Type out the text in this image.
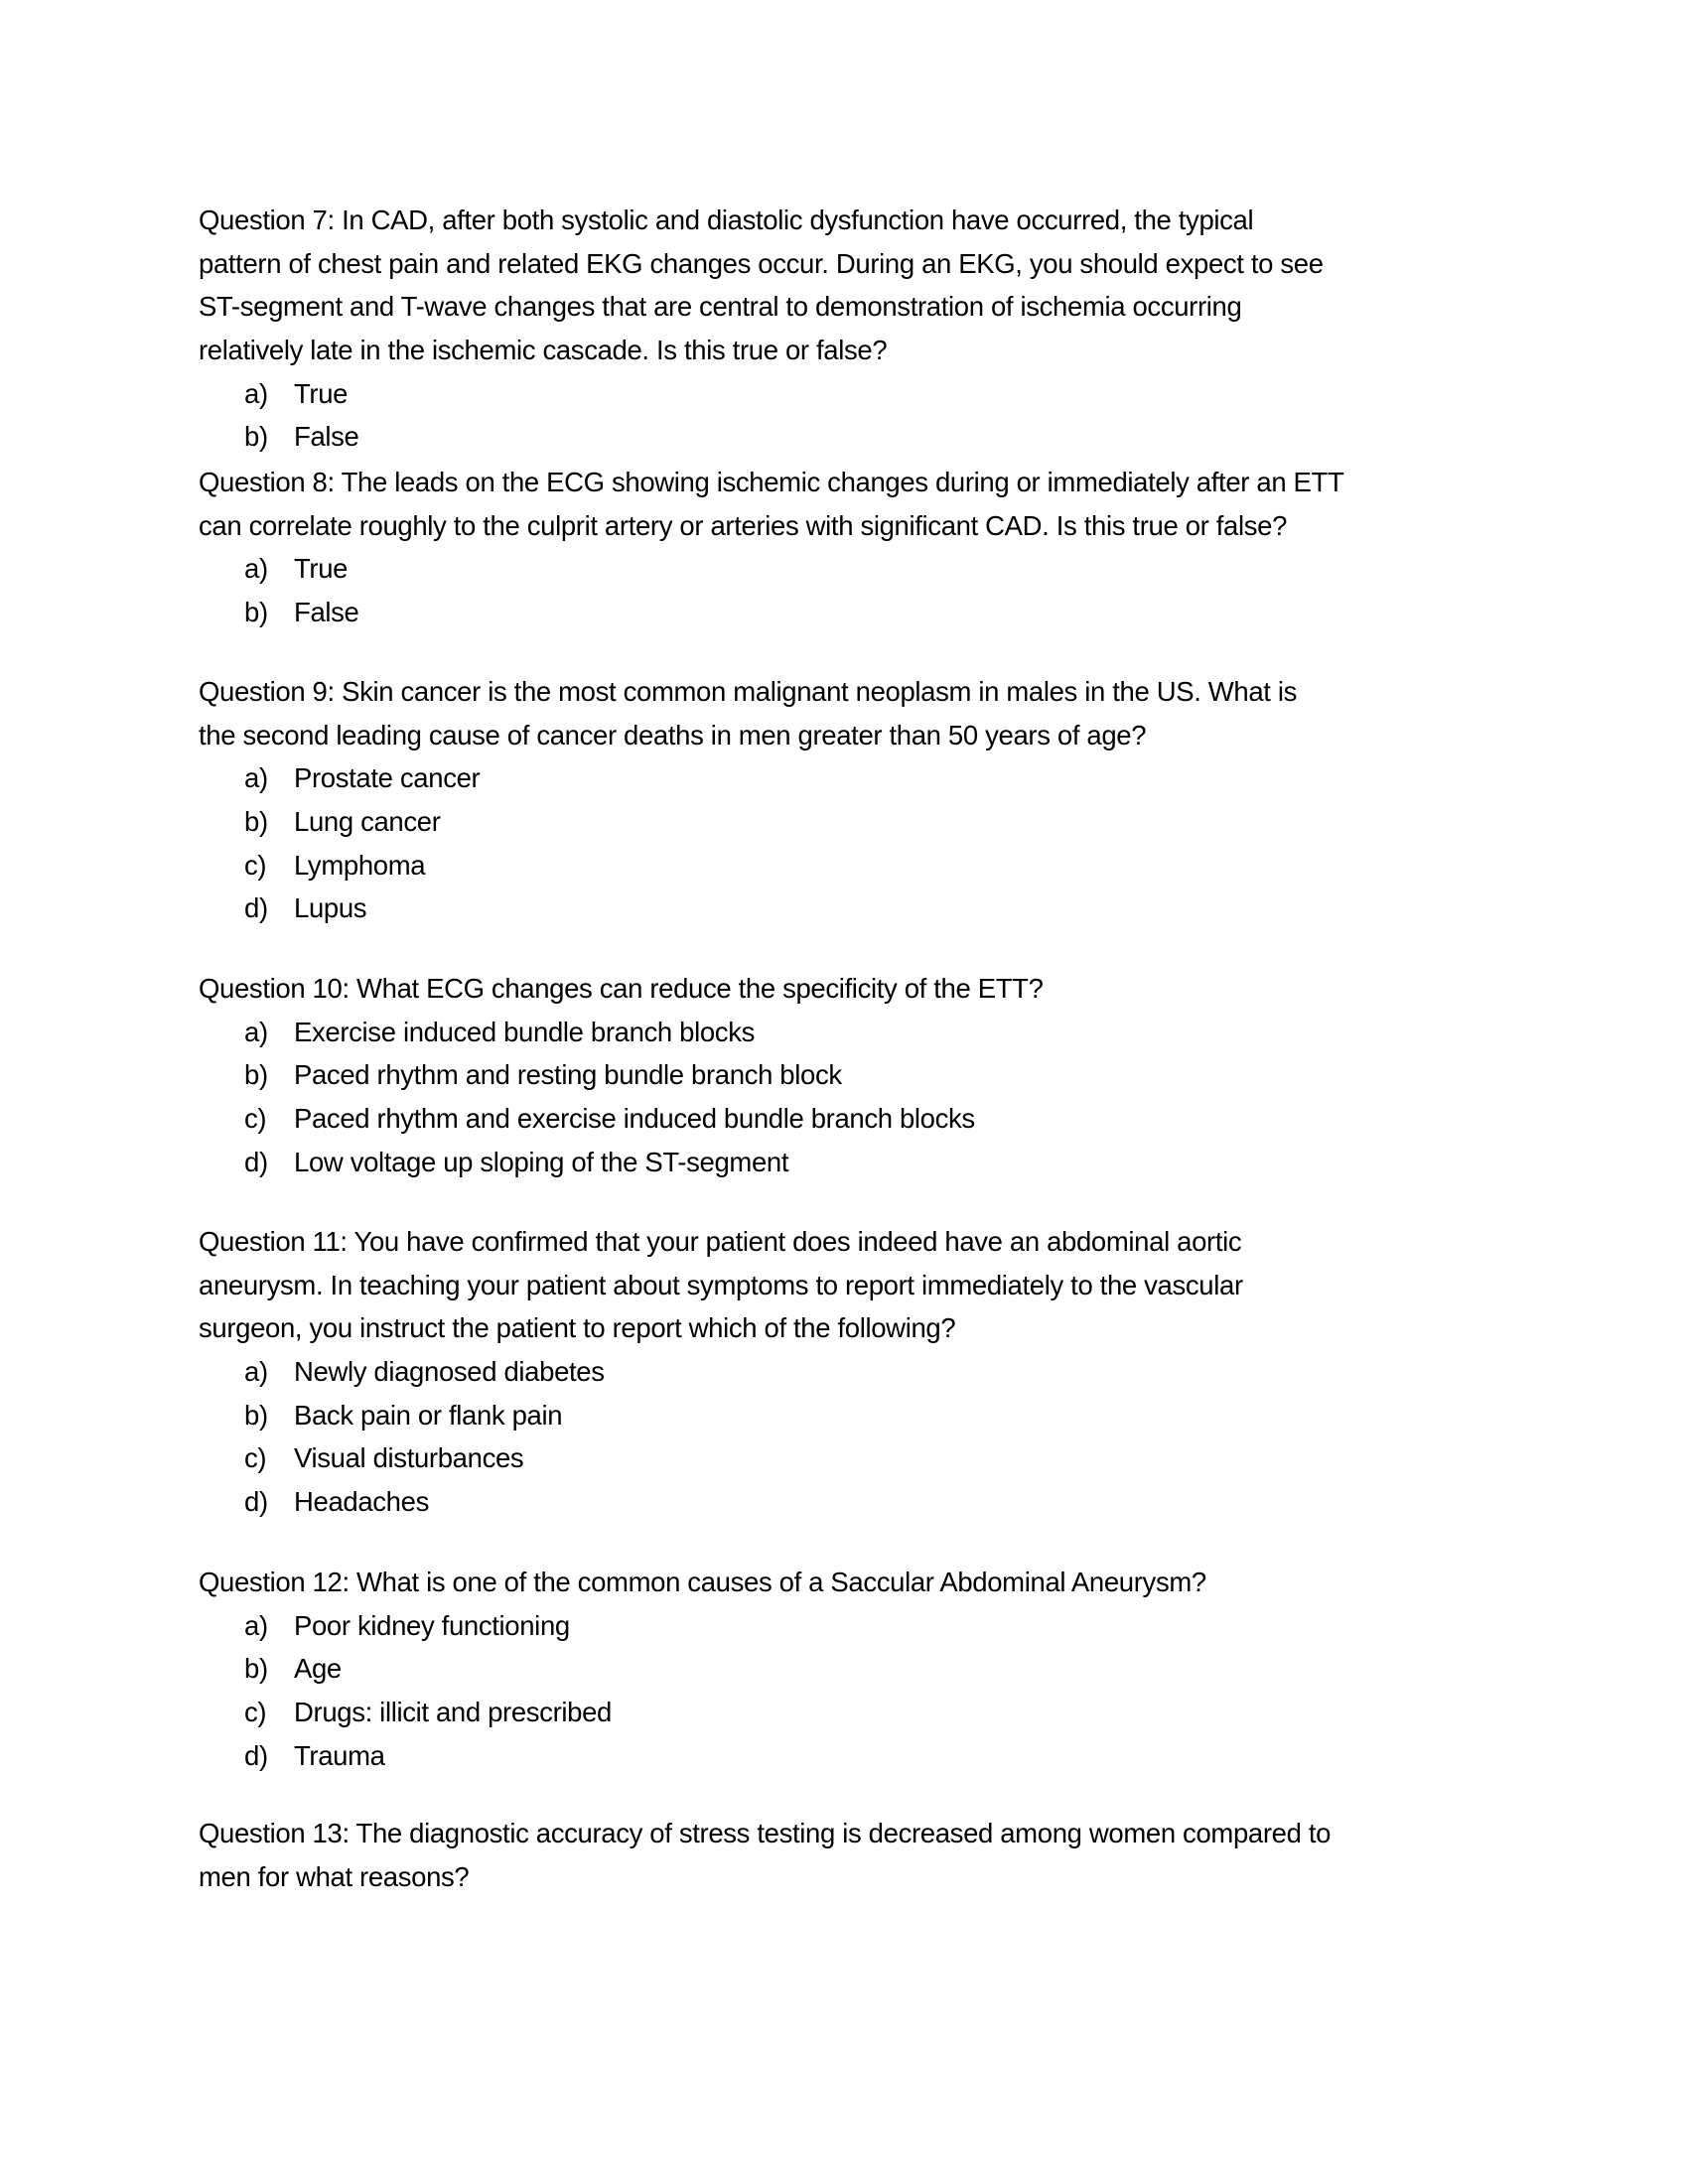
Question 7: In CAD, after both systolic and diastolic dysfunction have occurred, the typical
pattern of chest pain and related EKG changes occur. During an EKG, you should expect to see
ST-segment and T-wave changes that are central to demonstration of ischemia occurring
relatively late in the ischemic cascade. Is this true or false?
a) True
b) False
Question 8: The leads on the ECG showing ischemic changes during or immediately after an ETT
can correlate roughly to the culprit artery or arteries with significant CAD. Is this true or false?
a) True
b) False
Question 9: Skin cancer is the most common malignant neoplasm in males in the US. What is
the second leading cause of cancer deaths in men greater than 50 years of age?
a) Prostate cancer
b) Lung cancer
c) Lymphoma
d) Lupus
Question 10: What ECG changes can reduce the specificity of the ETT?
a) Exercise induced bundle branch blocks
b) Paced rhythm and resting bundle branch block
c) Paced rhythm and exercise induced bundle branch blocks
d) Low voltage up sloping of the ST-segment
Question 11: You have confirmed that your patient does indeed have an abdominal aortic
aneurysm. In teaching your patient about symptoms to report immediately to the vascular
surgeon, you instruct the patient to report which of the following?
a) Newly diagnosed diabetes
b) Back pain or flank pain
c) Visual disturbances
d) Headaches
Question 12: What is one of the common causes of a Saccular Abdominal Aneurysm?
a) Poor kidney functioning
b) Age
c) Drugs: illicit and prescribed
d) Trauma
Question 13: The diagnostic accuracy of stress testing is decreased among women compared to
men for what reasons?
